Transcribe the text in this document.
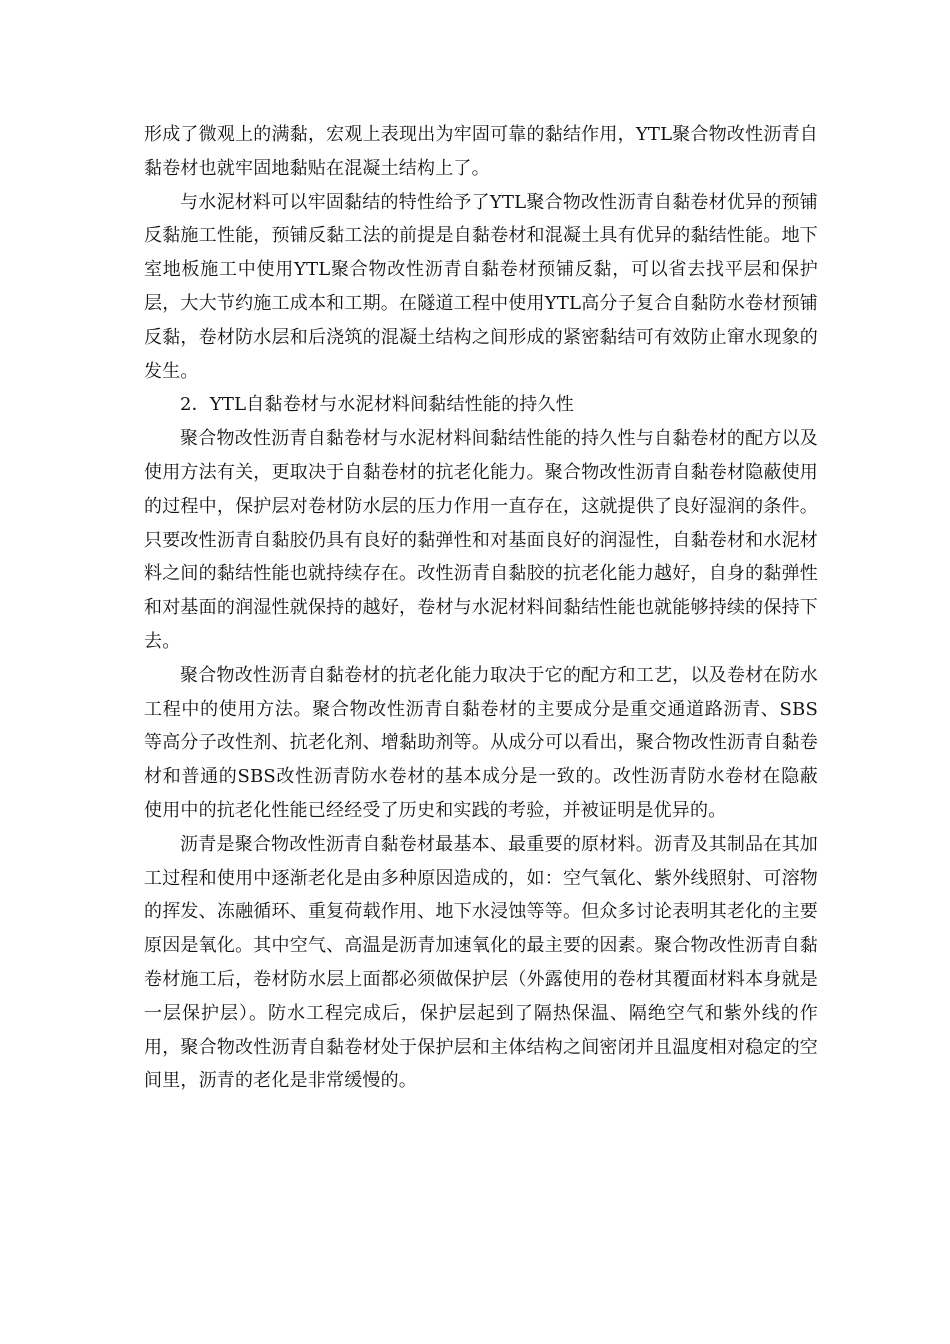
形成了微观上的满黏，宏观上表现出为牢固可靠的黏结作用，YTL聚合物改性沥青自黏卷材也就牢固地黏贴在混凝土结构上了。

与水泥材料可以牢固黏结的特性给予了YTL聚合物改性沥青自黏卷材优异的预铺反黏施工性能，预铺反黏工法的前提是自黏卷材和混凝土具有优异的黏结性能。地下室地板施工中使用YTL聚合物改性沥青自黏卷材预铺反黏，可以省去找平层和保护层，大大节约施工成本和工期。在隧道工程中使用YTL高分子复合自黏防水卷材预铺反黏，卷材防水层和后浇筑的混凝土结构之间形成的紧密黏结可有效防止窜水现象的发生。

2．YTL自黏卷材与水泥材料间黏结性能的持久性

聚合物改性沥青自黏卷材与水泥材料间黏结性能的持久性与自黏卷材的配方以及使用方法有关，更取决于自黏卷材的抗老化能力。聚合物改性沥青自黏卷材隐蔽使用的过程中，保护层对卷材防水层的压力作用一直存在，这就提供了良好湿润的条件。只要改性沥青自黏胶仍具有良好的黏弹性和对基面良好的润湿性，自黏卷材和水泥材料之间的黏结性能也就持续存在。改性沥青自黏胶的抗老化能力越好，自身的黏弹性和对基面的润湿性就保持的越好，卷材与水泥材料间黏结性能也就能够持续的保持下去。

聚合物改性沥青自黏卷材的抗老化能力取决于它的配方和工艺，以及卷材在防水工程中的使用方法。聚合物改性沥青自黏卷材的主要成分是重交通道路沥青、SBS等高分子改性剂、抗老化剂、增黏助剂等。从成分可以看出，聚合物改性沥青自黏卷材和普通的SBS改性沥青防水卷材的基本成分是一致的。改性沥青防水卷材在隐蔽使用中的抗老化性能已经经受了历史和实践的考验，并被证明是优异的。

沥青是聚合物改性沥青自黏卷材最基本、最重要的原材料。沥青及其制品在其加工过程和使用中逐渐老化是由多种原因造成的，如：空气氧化、紫外线照射、可溶物的挥发、冻融循环、重复荷载作用、地下水浸蚀等等。但众多讨论表明其老化的主要原因是氧化。其中空气、高温是沥青加速氧化的最主要的因素。聚合物改性沥青自黏卷材施工后，卷材防水层上面都必须做保护层（外露使用的卷材其覆面材料本身就是一层保护层）。防水工程完成后，保护层起到了隔热保温、隔绝空气和紫外线的作用，聚合物改性沥青自黏卷材处于保护层和主体结构之间密闭并且温度相对稳定的空间里，沥青的老化是非常缓慢的。
